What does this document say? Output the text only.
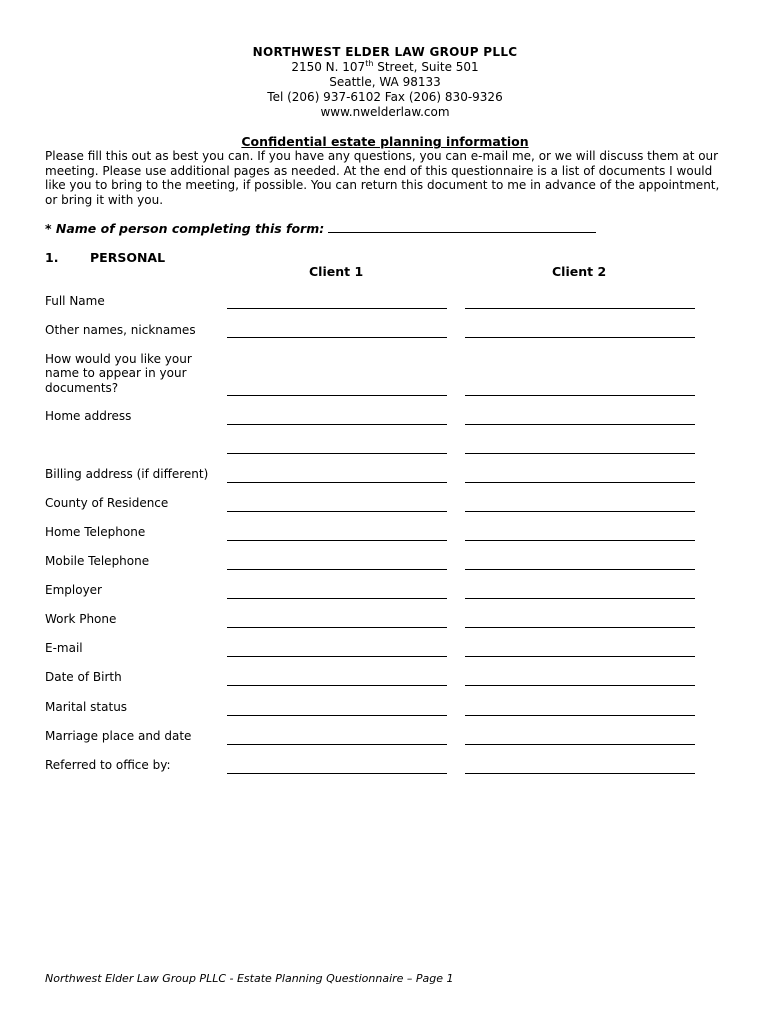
NORTHWEST ELDER LAW GROUP PLLC
2150 N. 107th Street, Suite 501
Seattle, WA 98133
Tel (206) 937-6102 Fax (206) 830-9326
www.nwelderlaw.com
Confidential estate planning information
Please fill this out as best you can. If you have any questions, you can e-mail me, or we will discuss them at our meeting. Please use additional pages as needed. At the end of this questionnaire is a list of documents I would like you to bring to the meeting, if possible. You can return this document to me in advance of the appointment, or bring it with you.
* Name of person completing this form:
1.	PERSONAL
Client 1	Client 2
Full Name
Other names, nicknames
How would you like your name to appear in your documents?
Home address
Billing address (if different)
County of Residence
Home Telephone
Mobile Telephone
Employer
Work Phone
E-mail
Date of Birth
Marital status
Marriage place and date
Referred to office by:
Northwest Elder Law Group PLLC - Estate Planning Questionnaire – Page 1
